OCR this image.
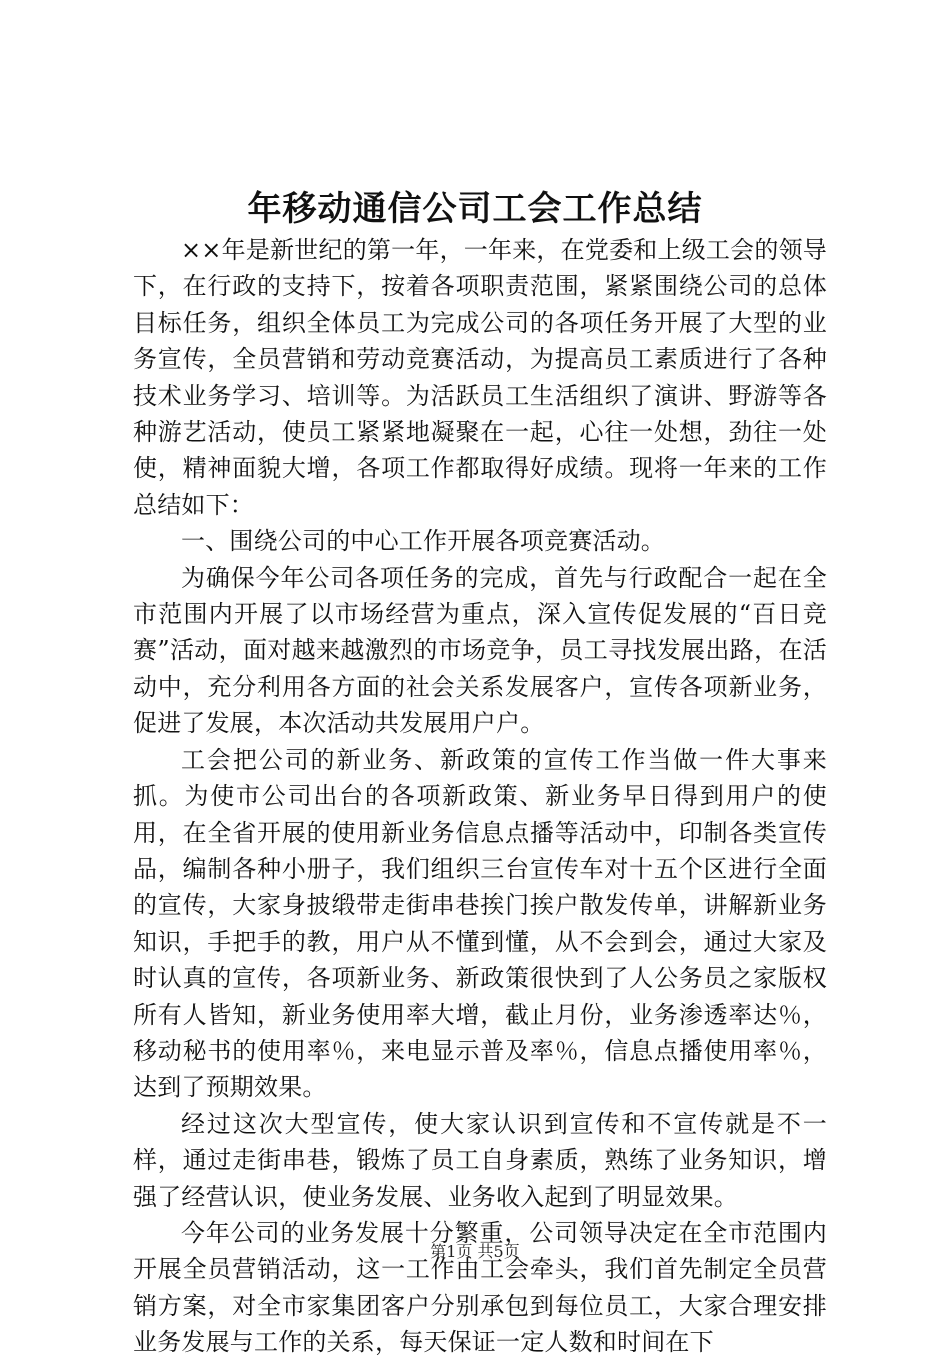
年移动通信公司工会工作总结

××年是新世纪的第一年，一年来，在党委和上级工会的领导下，在行政的支持下，按着各项职责范围，紧紧围绕公司的总体目标任务，组织全体员工为完成公司的各项任务开展了大型的业务宣传，全员营销和劳动竞赛活动，为提高员工素质进行了各种技术业务学习、培训等。为活跃员工生活组织了演讲、野游等各种游艺活动，使员工紧紧地凝聚在一起，心往一处想，劲往一处使，精神面貌大增，各项工作都取得好成绩。现将一年来的工作总结如下：

一、围绕公司的中心工作开展各项竞赛活动。

为确保今年公司各项任务的完成，首先与行政配合一起在全市范围内开展了以市场经营为重点，深入宣传促发展的“百日竞赛”活动，面对越来越激烈的市场竞争，员工寻找发展出路，在活动中，充分利用各方面的社会关系发展客户，宣传各项新业务，促进了发展，本次活动共发展用户户。

工会把公司的新业务、新政策的宣传工作当做一件大事来抓。为使市公司出台的各项新政策、新业务早日得到用户的使用，在全省开展的使用新业务信息点播等活动中，印制各类宣传品，编制各种小册子，我们组织三台宣传车对十五个区进行全面的宣传，大家身披缎带走街串巷挨门挨户散发传单，讲解新业务知识，手把手的教，用户从不懂到懂，从不会到会，通过大家及时认真的宣传，各项新业务、新政策很快到了人公务员之家版权所有人皆知，新业务使用率大增，截止月份，业务渗透率达％，移动秘书的使用率％，来电显示普及率％，信息点播使用率％，达到了预期效果。

经过这次大型宣传，使大家认识到宣传和不宣传就是不一样，通过走街串巷，锻炼了员工自身素质，熟练了业务知识，增强了经营认识，使业务发展、业务收入起到了明显效果。

今年公司的业务发展十分繁重，公司领导决定在全市范围内开展全员营销活动，这一工作由工会牵头，我们首先制定全员营销方案，对全市家集团客户分别承包到每位员工，大家合理安排业务发展与工作的关系，每天保证一定人数和时间在下

第1页 共5页
